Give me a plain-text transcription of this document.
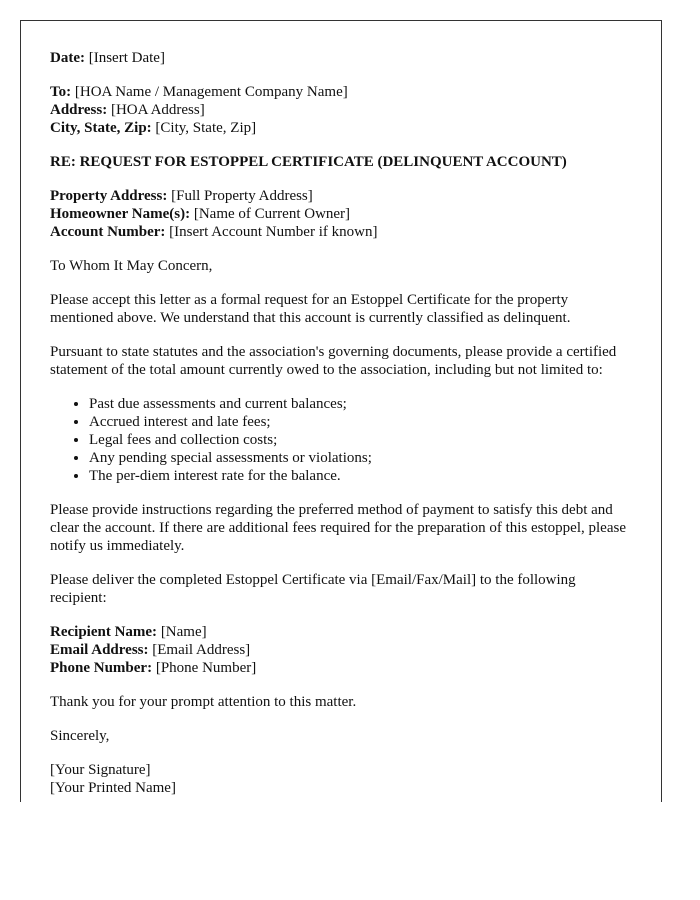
Date: [Insert Date]

To: [HOA Name / Management Company Name]
Address: [HOA Address]
City, State, Zip: [City, State, Zip]

RE: REQUEST FOR ESTOPPEL CERTIFICATE (DELINQUENT ACCOUNT)

Property Address: [Full Property Address]
Homeowner Name(s): [Name of Current Owner]
Account Number: [Insert Account Number if known]

To Whom It May Concern,

Please accept this letter as a formal request for an Estoppel Certificate for the property mentioned above. We understand that this account is currently classified as delinquent.

Pursuant to state statutes and the association's governing documents, please provide a certified statement of the total amount currently owed to the association, including but not limited to:

• Past due assessments and current balances;
• Accrued interest and late fees;
• Legal fees and collection costs;
• Any pending special assessments or violations;
• The per-diem interest rate for the balance.

Please provide instructions regarding the preferred method of payment to satisfy this debt and clear the account. If there are additional fees required for the preparation of this estoppel, please notify us immediately.

Please deliver the completed Estoppel Certificate via [Email/Fax/Mail] to the following recipient:

Recipient Name: [Name]
Email Address: [Email Address]
Phone Number: [Phone Number]

Thank you for your prompt attention to this matter.

Sincerely,

[Your Signature]
[Your Printed Name]
